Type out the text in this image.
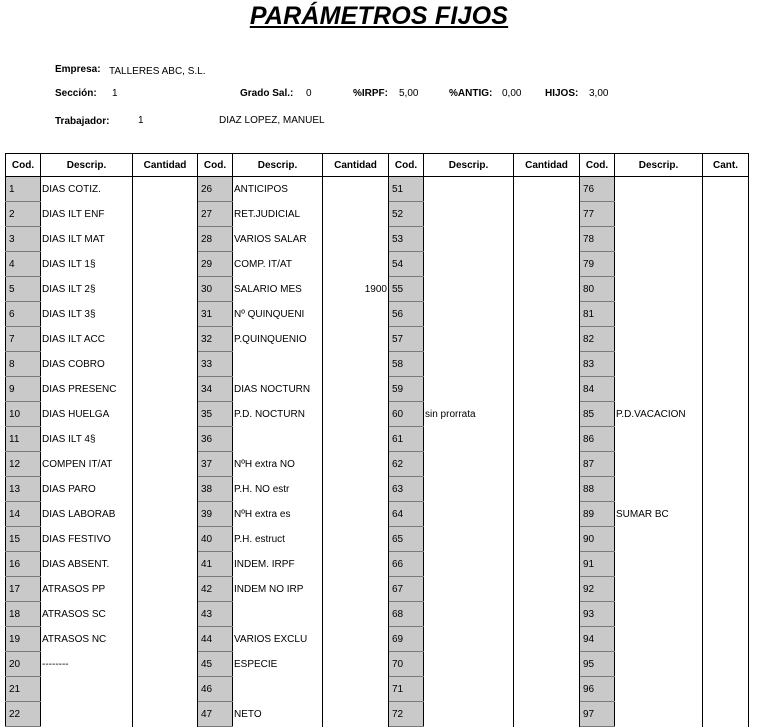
PARÁMETROS FIJOS
Empresa: TALLERES ABC, S.L.
Sección: 1	Grado Sal.: 0	%IRPF: 5,00	%ANTIG: 0,00 HIJOS: 3,00
Trabajador:	1	DIAZ LOPEZ, MANUEL
Cod.	Descrip.	Cantidad	Cod.	Descrip.	Cantidad	Cod.	Descrip.	Cantidad	Cod.	Descrip.	Cant.
1	DIAS COTIZ.		26	ANTICIPOS		51			76		
2	DIAS ILT ENF		27	RET.JUDICIAL		52			77		
3	DIAS ILT MAT		28	VARIOS SALAR		53			78		
4	DIAS ILT 1§		29	COMP. IT/AT		54			79		
5	DIAS ILT 2§		30	SALARIO MES	1900	55			80		
6	DIAS ILT 3§		31	Nº QUINQUENI		56			81		
7	DIAS ILT ACC		32	P.QUINQUENIO		57			82		
8	DIAS COBRO		33			58			83		
9	DIAS PRESENC		34	DIAS NOCTURN		59			84		
10	DIAS HUELGA		35	P.D. NOCTURN		60	sin prorrata		85	P.D.VACACION	
11	DIAS ILT 4§		36			61			86		
12	COMPEN IT/AT		37	NºH extra NO		62			87		
13	DIAS PARO		38	P.H. NO estr		63			88		
14	DIAS LABORAB		39	NºH extra es		64			89	SUMAR BC	
15	DIAS FESTIVO		40	P.H. estruct		65			90		
16	DIAS ABSENT.		41	INDEM. IRPF		66			91		
17	ATRASOS PP		42	INDEM NO IRP		67			92		
18	ATRASOS SC		43			68			93		
19	ATRASOS NC		44	VARIOS EXCLU		69			94		
20	--------		45	ESPECIE		70			95		
21			46			71			96		
22			47	NETO		72			97		
